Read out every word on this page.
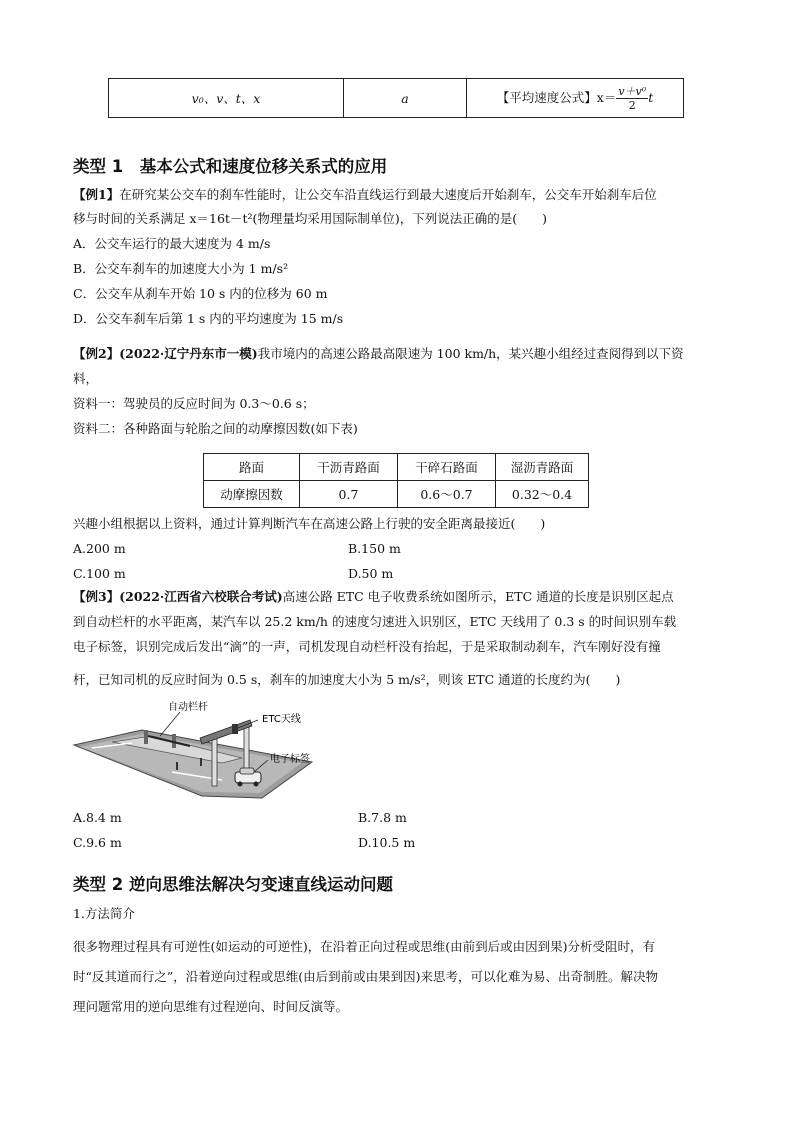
v₀、v、t、x	a	【平均速度公式】$x= \frac{\text{v＋v⁰}}{2}$ t
类型 1　基本公式和速度位移关系式的应用
【例1】在研究某公交车的刹车性能时，让公交车沿直线运行到最大速度后开始刹车，公交车开始刹车后位
移与时间的关系满足 x＝16t－t²(物理量均采用国际制单位)，下列说法正确的是(　　)
A．公交车运行的最大速度为 4 m/s
B．公交车刹车的加速度大小为 1 m/s²
C．公交车从刹车开始 10 s 内的位移为 60 m
D．公交车刹车后第 1 s 内的平均速度为 15 m/s
【例2】(2022·辽宁丹东市一模)我市境内的高速公路最高限速为 100 km/h，某兴趣小组经过查阅得到以下资
料，
资料一：驾驶员的反应时间为 0.3～0.6 s；
资料二：各种路面与轮胎之间的动摩擦因数(如下表)
路面	干沥青路面	干碎石路面	湿沥青路面
动摩擦因数	0.7	0.6～0.7	0.32～0.4
兴趣小组根据以上资料，通过计算判断汽车在高速公路上行驶的安全距离最接近(　　)
A.200 m	B.150 m
C.100 m	D.50 m
【例3】(2022·江西省六校联合考试)高速公路 ETC 电子收费系统如图所示，ETC 通道的长度是识别区起点
到自动栏杆的水平距离，某汽车以 25.2 km/h 的速度匀速进入识别区，ETC 天线用了 0.3 s 的时间识别车载
电子标签，识别完成后发出“滴”的一声，司机发现自动栏杆没有抬起，于是采取制动刹车，汽车刚好没有撞
杆，已知司机的反应时间为 0.5 s，刹车的加速度大小为 5 m/s²，则该 ETC 通道的长度约为(　　)
自动栏杆
ETC天线
电子标签
A.8.4 m	B.7.8 m
C.9.6 m	D.10.5 m
类型 2 逆向思维法解决匀变速直线运动问题
1.方法简介
很多物理过程具有可逆性(如运动的可逆性)，在沿着正向过程或思维(由前到后或由因到果)分析受阻时，有
时“反其道而行之”，沿着逆向过程或思维(由后到前或由果到因)来思考，可以化难为易、出奇制胜。解决物
理问题常用的逆向思维有过程逆向、时间反演等。
